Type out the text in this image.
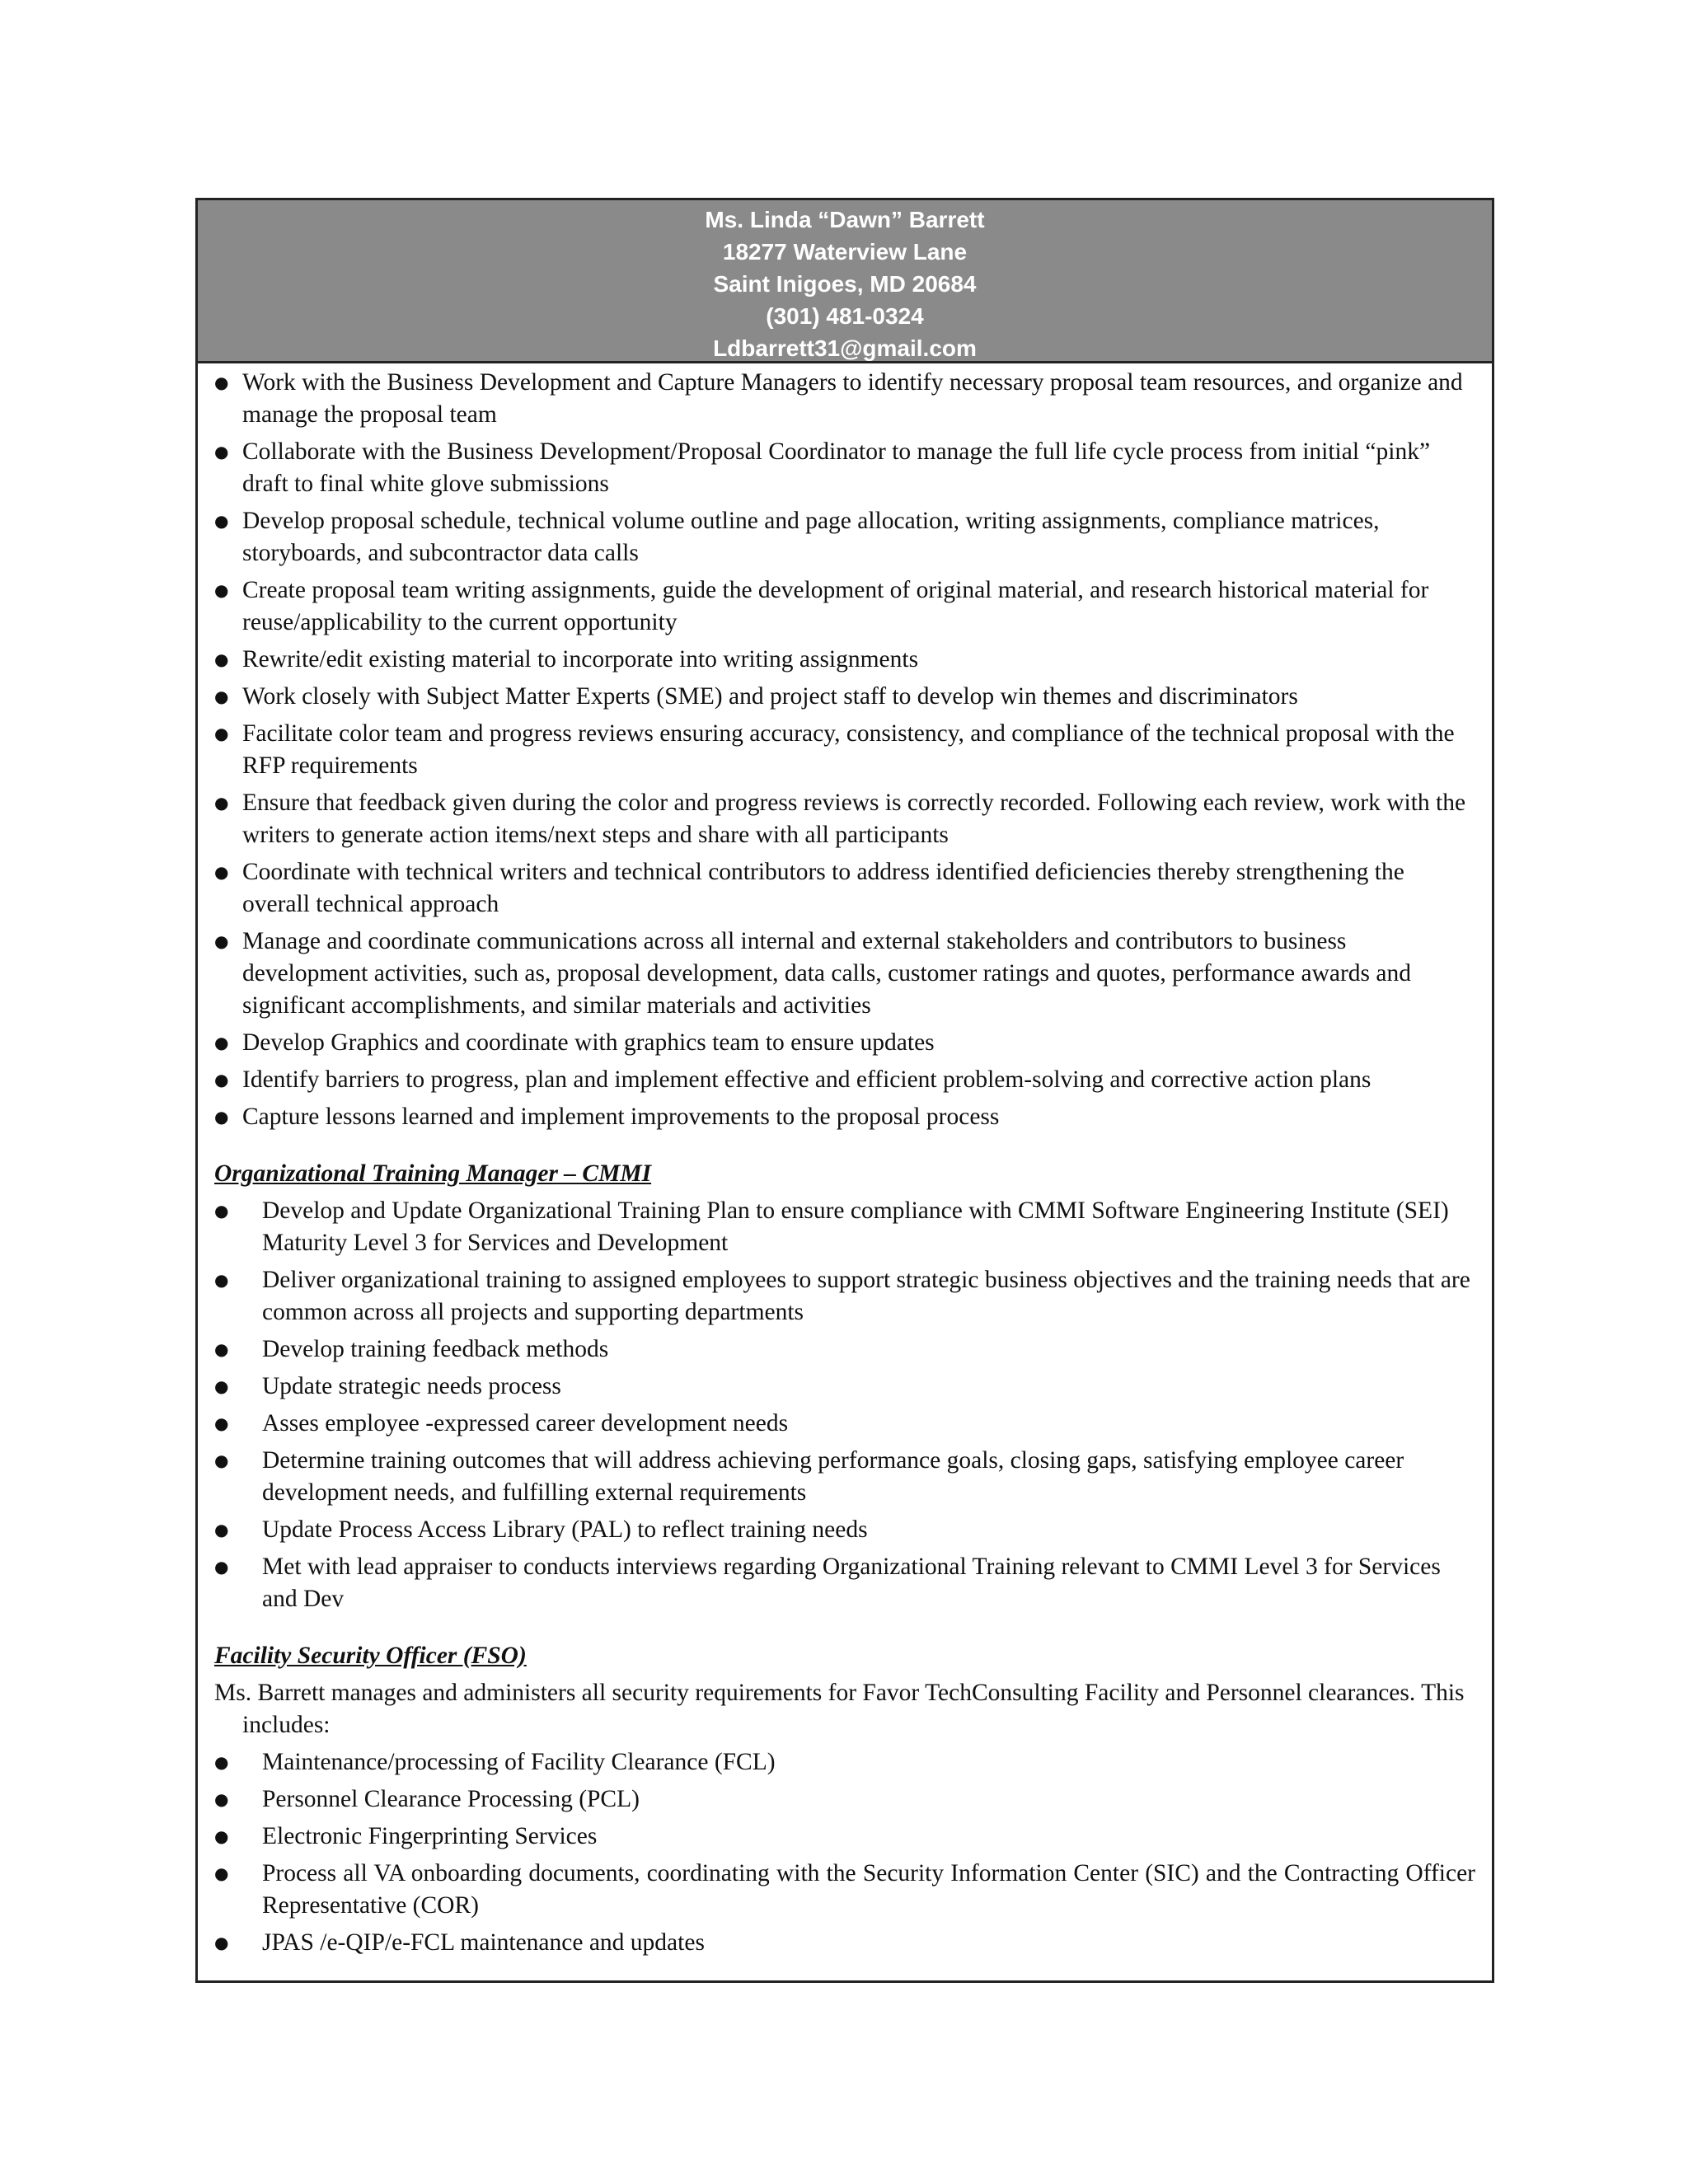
Ms. Linda “Dawn” Barrett
18277 Waterview Lane
Saint Inigoes, MD 20684
(301) 481-0324
Ldbarrett31@gmail.com
● Work with the Business Development and Capture Managers to identify necessary proposal team resources, and organize and manage the proposal team
● Collaborate with the Business Development/Proposal Coordinator to manage the full life cycle process from initial “pink” draft to final white glove submissions
● Develop proposal schedule, technical volume outline and page allocation, writing assignments, compliance matrices, storyboards, and subcontractor data calls
● Create proposal team writing assignments, guide the development of original material, and research historical material for reuse/applicability to the current opportunity
● Rewrite/edit existing material to incorporate into writing assignments
● Work closely with Subject Matter Experts (SME) and project staff to develop win themes and discriminators
● Facilitate color team and progress reviews ensuring accuracy, consistency, and compliance of the technical proposal with the RFP requirements
● Ensure that feedback given during the color and progress reviews is correctly recorded. Following each review, work with the writers to generate action items/next steps and share with all participants
● Coordinate with technical writers and technical contributors to address identified deficiencies thereby strengthening the overall technical approach
● Manage and coordinate communications across all internal and external stakeholders and contributors to business development activities, such as, proposal development, data calls, customer ratings and quotes, performance awards and significant accomplishments, and similar materials and activities
● Develop Graphics and coordinate with graphics team to ensure updates
● Identify barriers to progress, plan and implement effective and efficient problem-solving and corrective action plans
● Capture lessons learned and implement improvements to the proposal process
Organizational Training Manager – CMMI
● Develop and Update Organizational Training Plan to ensure compliance with CMMI Software Engineering Institute (SEI) Maturity Level 3 for Services and Development
● Deliver organizational training to assigned employees to support strategic business objectives and the training needs that are common across all projects and supporting departments
● Develop training feedback methods
● Update strategic needs process
● Asses employee -expressed career development needs
● Determine training outcomes that will address achieving performance goals, closing gaps, satisfying employee career development needs, and fulfilling external requirements
● Update Process Access Library (PAL) to reflect training needs
● Met with lead appraiser to conducts interviews regarding Organizational Training relevant to CMMI Level 3 for Services and Dev
Facility Security Officer (FSO)
Ms. Barrett manages and administers all security requirements for Favor TechConsulting Facility and Personnel clearances. This includes:
● Maintenance/processing of Facility Clearance (FCL)
● Personnel Clearance Processing (PCL)
● Electronic Fingerprinting Services
● Process all VA onboarding documents, coordinating with the Security Information Center (SIC) and the Contracting Officer Representative (COR)
● JPAS /e-QIP/e-FCL maintenance and updates
